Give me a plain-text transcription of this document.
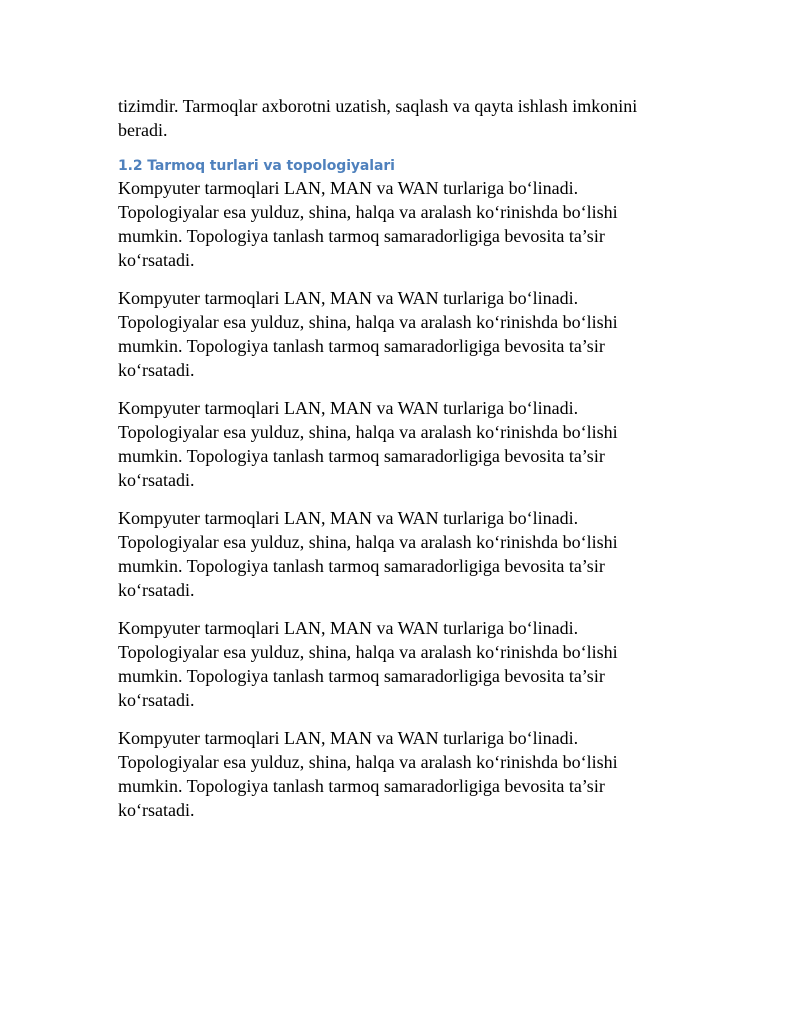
tizimdir. Tarmoqlar axborotni uzatish, saqlash va qayta ishlash imkonini
beradi.

1.2 Tarmoq turlari va topologiyalari

Kompyuter tarmoqlari LAN, MAN va WAN turlariga bo‘linadi.
Topologiyalar esa yulduz, shina, halqa va aralash ko‘rinishda bo‘lishi
mumkin. Topologiya tanlash tarmoq samaradorligiga bevosita ta’sir
ko‘rsatadi.

Kompyuter tarmoqlari LAN, MAN va WAN turlariga bo‘linadi.
Topologiyalar esa yulduz, shina, halqa va aralash ko‘rinishda bo‘lishi
mumkin. Topologiya tanlash tarmoq samaradorligiga bevosita ta’sir
ko‘rsatadi.

Kompyuter tarmoqlari LAN, MAN va WAN turlariga bo‘linadi.
Topologiyalar esa yulduz, shina, halqa va aralash ko‘rinishda bo‘lishi
mumkin. Topologiya tanlash tarmoq samaradorligiga bevosita ta’sir
ko‘rsatadi.

Kompyuter tarmoqlari LAN, MAN va WAN turlariga bo‘linadi.
Topologiyalar esa yulduz, shina, halqa va aralash ko‘rinishda bo‘lishi
mumkin. Topologiya tanlash tarmoq samaradorligiga bevosita ta’sir
ko‘rsatadi.

Kompyuter tarmoqlari LAN, MAN va WAN turlariga bo‘linadi.
Topologiyalar esa yulduz, shina, halqa va aralash ko‘rinishda bo‘lishi
mumkin. Topologiya tanlash tarmoq samaradorligiga bevosita ta’sir
ko‘rsatadi.

Kompyuter tarmoqlari LAN, MAN va WAN turlariga bo‘linadi.
Topologiyalar esa yulduz, shina, halqa va aralash ko‘rinishda bo‘lishi
mumkin. Topologiya tanlash tarmoq samaradorligiga bevosita ta’sir
ko‘rsatadi.
